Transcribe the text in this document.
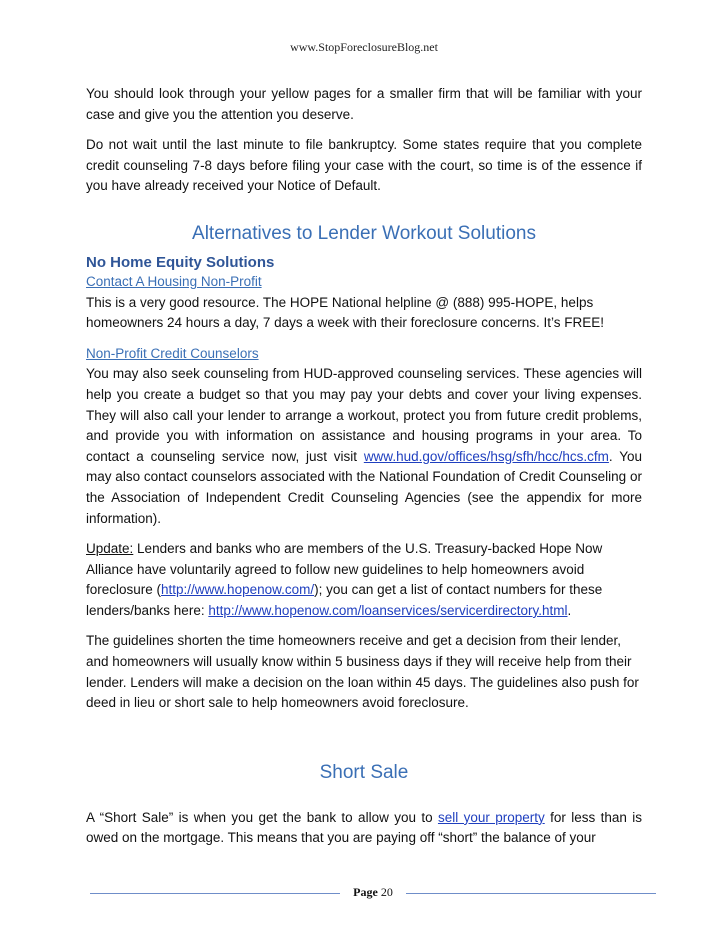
www.StopForeclosureBlog.net

You should look through your yellow pages for a smaller firm that will be familiar with your case and give you the attention you deserve.

Do not wait until the last minute to file bankruptcy. Some states require that you complete credit counseling 7-8 days before filing your case with the court, so time is of the essence if you have already received your Notice of Default.

Alternatives to Lender Workout Solutions
No Home Equity Solutions

Contact A Housing Non-Profit

This is a very good resource. The HOPE National helpline @ (888) 995-HOPE, helps homeowners 24 hours a day, 7 days a week with their foreclosure concerns. It’s FREE!

Non-Profit Credit Counselors

You may also seek counseling from HUD-approved counseling services. These agencies will help you create a budget so that you may pay your debts and cover your living expenses. They will also call your lender to arrange a workout, protect you from future credit problems, and provide you with information on assistance and housing programs in your area. To contact a counseling service now, just visit www.hud.gov/offices/hsg/sfh/hcc/hcs.cfm. You may also contact counselors associated with the National Foundation of Credit Counseling or the Association of Independent Credit Counseling Agencies (see the appendix for more information).

Update: Lenders and banks who are members of the U.S. Treasury-backed Hope Now Alliance have voluntarily agreed to follow new guidelines to help homeowners avoid foreclosure (http://www.hopenow.com/); you can get a list of contact numbers for these lenders/banks here: http://www.hopenow.com/loanservices/servicerdirectory.html.

The guidelines shorten the time homeowners receive and get a decision from their lender, and homeowners will usually know within 5 business days if they will receive help from their lender. Lenders will make a decision on the loan within 45 days. The guidelines also push for deed in lieu or short sale to help homeowners avoid foreclosure.

Short Sale

A “Short Sale” is when you get the bank to allow you to sell your property for less than is owed on the mortgage. This means that you are paying off “short” the balance of your

Page 20
